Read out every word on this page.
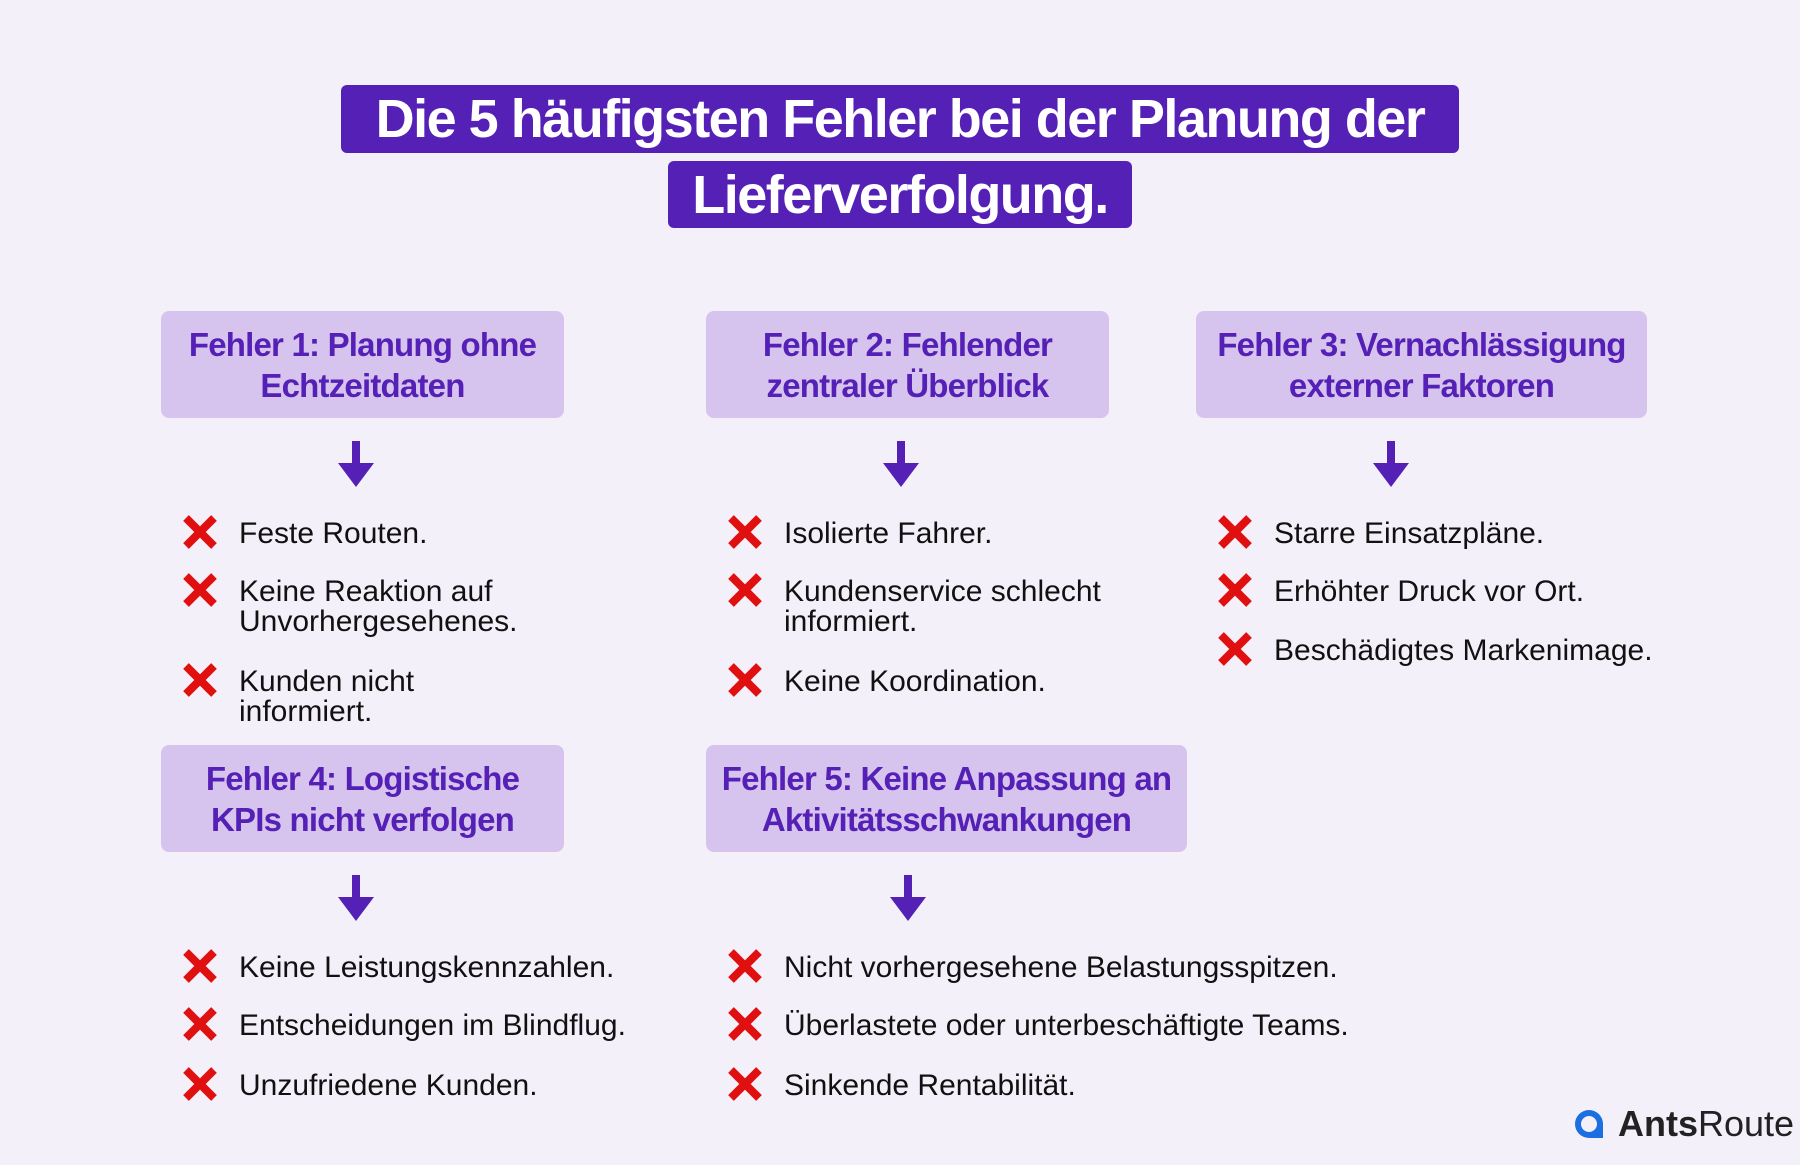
Die 5 häufigsten Fehler bei der Planung der
Lieferverfolgung.
Fehler 1: Planung ohne Echtzeitdaten
Fehler 2: Fehlender zentraler Überblick
Fehler 3: Vernachlässigung externer Faktoren
Fehler 4: Logistische KPIs nicht verfolgen
Fehler 5: Keine Anpassung an Aktivitätsschwankungen
Feste Routen.
Keine Reaktion auf Unvorhergesehenes.
Kunden nicht informiert.
Isolierte Fahrer.
Kundenservice schlecht informiert.
Keine Koordination.
Starre Einsatzpläne.
Erhöhter Druck vor Ort.
Beschädigtes Markenimage.
Keine Leistungskennzahlen.
Entscheidungen im Blindflug.
Unzufriedene Kunden.
Nicht vorhergesehene Belastungsspitzen.
Überlastete oder unterbeschäftigte Teams.
Sinkende Rentabilität.
Ants Route
